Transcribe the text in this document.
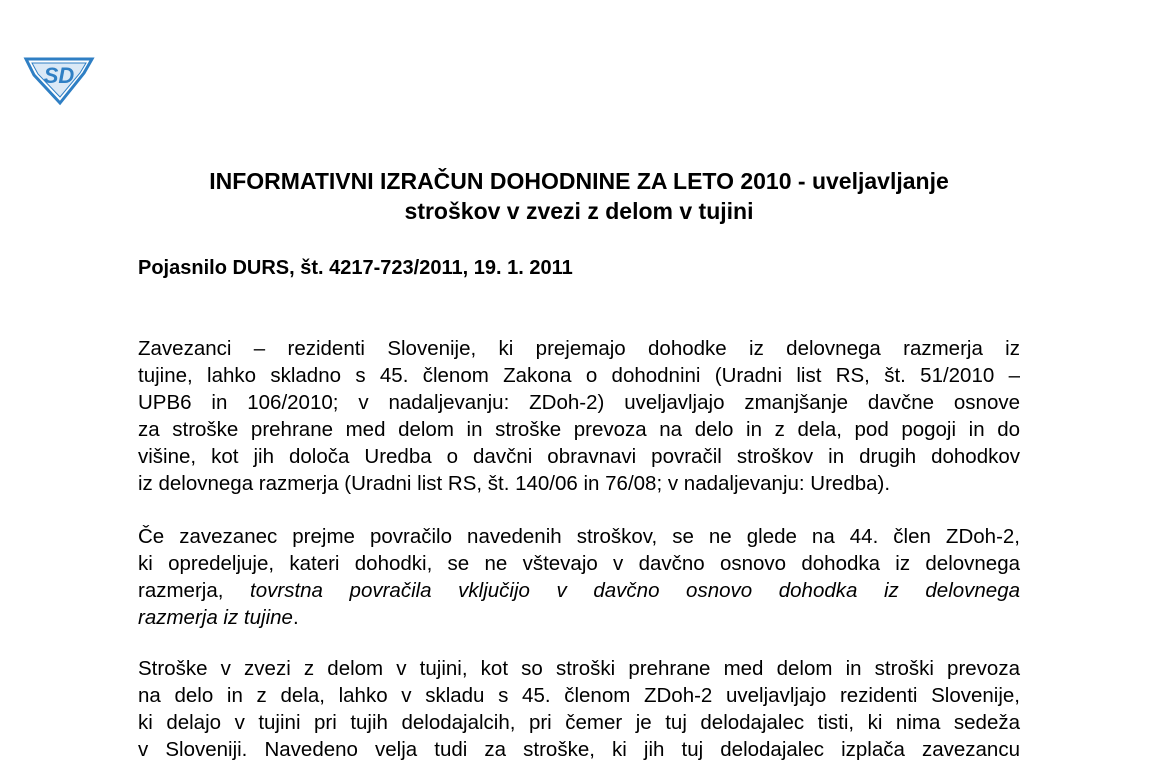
SD
INFORMATIVNI IZRAČUN DOHODNINE ZA LETO 2010 - uveljavljanje
stroškov v zvezi z delom v tujini

Pojasnilo DURS, št. 4217-723/2011, 19. 1. 2011

Zavezanci – rezidenti Slovenije, ki prejemajo dohodke iz delovnega razmerja iz
tujine, lahko skladno s 45. členom Zakona o dohodnini (Uradni list RS, št. 51/2010 –
UPB6 in 106/2010; v nadaljevanju: ZDoh-2) uveljavljajo zmanjšanje davčne osnove
za stroške prehrane med delom in stroške prevoza na delo in z dela, pod pogoji in do
višine, kot jih določa Uredba o davčni obravnavi povračil stroškov in drugih dohodkov
iz delovnega razmerja (Uradni list RS, št. 140/06 in 76/08; v nadaljevanju: Uredba).
Če zavezanec prejme povračilo navedenih stroškov, se ne glede na 44. člen ZDoh-2,
ki opredeljuje, kateri dohodki, se ne vštevajo v davčno osnovo dohodka iz delovnega
razmerja, tovrstna povračila vključijo v davčno osnovo dohodka iz delovnega
razmerja iz tujine.
Stroške v zvezi z delom v tujini, kot so stroški prehrane med delom in stroški prevoza
na delo in z dela, lahko v skladu s 45. členom ZDoh-2 uveljavljajo rezidenti Slovenije,
ki delajo v tujini pri tujih delodajalcih, pri čemer je tuj delodajalec tisti, ki nima sedeža
v Sloveniji. Navedeno velja tudi za stroške, ki jih tuj delodajalec izplača zavezancu
